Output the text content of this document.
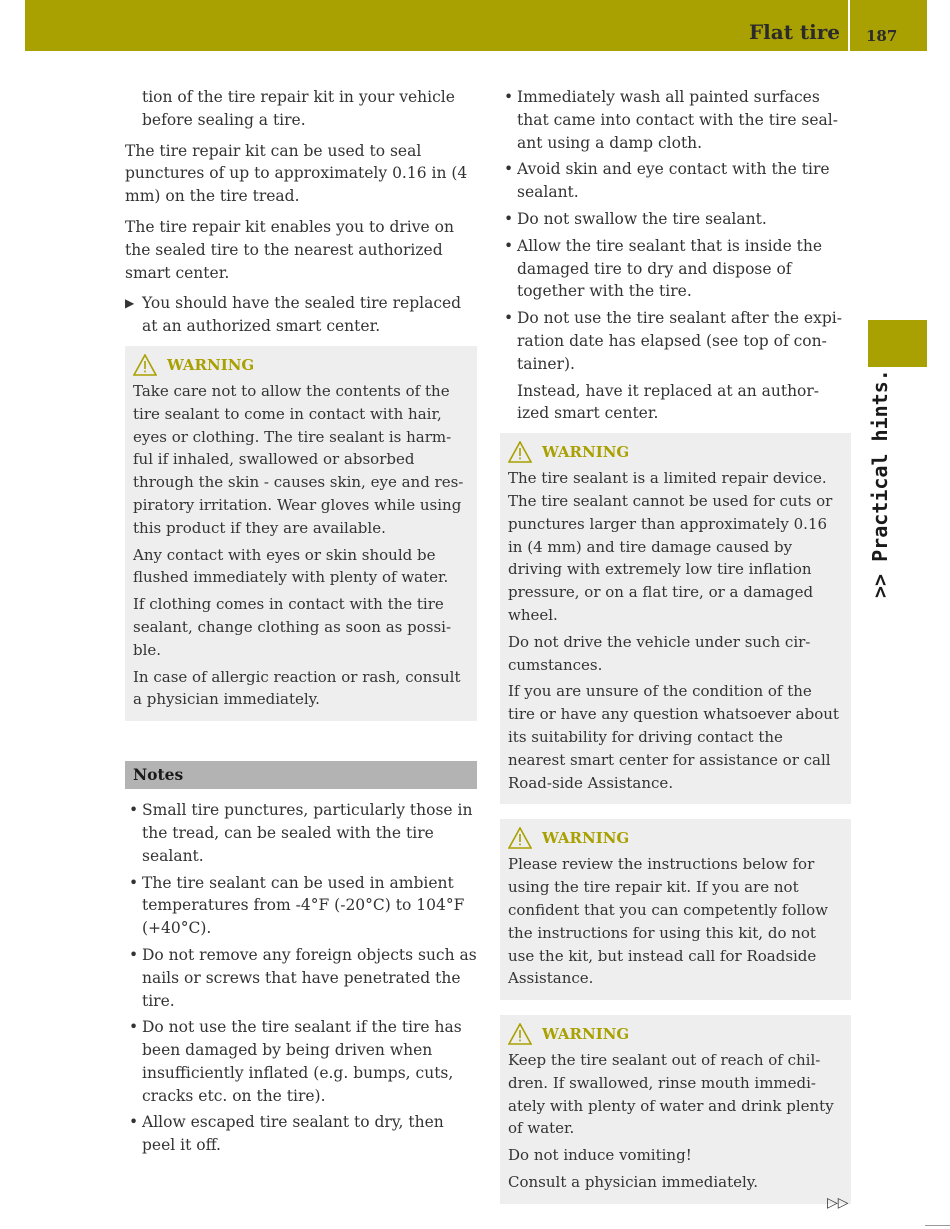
Flat tire 187
>> Practical hints.

tion of the tire repair kit in your vehicle before sealing a tire.

The tire repair kit can be used to seal punctures of up to approximately 0.16 in (4 mm) on the tire tread.

The tire repair kit enables you to drive on the sealed tire to the nearest authorized smart center.

▶ You should have the sealed tire replaced at an authorized smart center.
WARNING

Take care not to allow the contents of the tire sealant to come in contact with hair, eyes or clothing. The tire sealant is harm-ful if inhaled, swallowed or absorbed through the skin - causes skin, eye and res-piratory irritation. Wear gloves while using this product if they are available.

Any contact with eyes or skin should be flushed immediately with plenty of water.

If clothing comes in contact with the tire sealant, change clothing as soon as possi-ble.

In case of allergic reaction or rash, consult a physician immediately.

Notes
• Small tire punctures, particularly those in the tread, can be sealed with the tire sealant.
• The tire sealant can be used in ambient temperatures from -4°F (-20°C) to 104°F (+40°C).
• Do not remove any foreign objects such as nails or screws that have penetrated the tire.
• Do not use the tire sealant if the tire has been damaged by being driven when insufficiently inflated (e.g. bumps, cuts, cracks etc. on the tire).
• Allow escaped tire sealant to dry, then peel it off.
• Immediately wash all painted surfaces that came into contact with the tire seal-ant using a damp cloth.
• Avoid skin and eye contact with the tire sealant.
• Do not swallow the tire sealant.
• Allow the tire sealant that is inside the damaged tire to dry and dispose of together with the tire.
• Do not use the tire sealant after the expi-ration date has elapsed (see top of con-tainer).

Instead, have it replaced at an author-ized smart center.

WARNING

The tire sealant is a limited repair device. The tire sealant cannot be used for cuts or punctures larger than approximately 0.16 in (4 mm) and tire damage caused by driving with extremely low tire inflation pressure, or on a flat tire, or a damaged wheel.

Do not drive the vehicle under such cir-cumstances.

If you are unsure of the condition of the tire or have any question whatsoever about its suitability for driving contact the nearest smart center for assistance or call Road-side Assistance.

WARNING

Please review the instructions below for using the tire repair kit. If you are not confident that you can competently follow the instructions for using this kit, do not use the kit, but instead call for Roadside Assistance.

WARNING

Keep the tire sealant out of reach of chil-dren. If swallowed, rinse mouth immedi-ately with plenty of water and drink plenty of water.

Do not induce vomiting!

Consult a physician immediately.

▷▷
